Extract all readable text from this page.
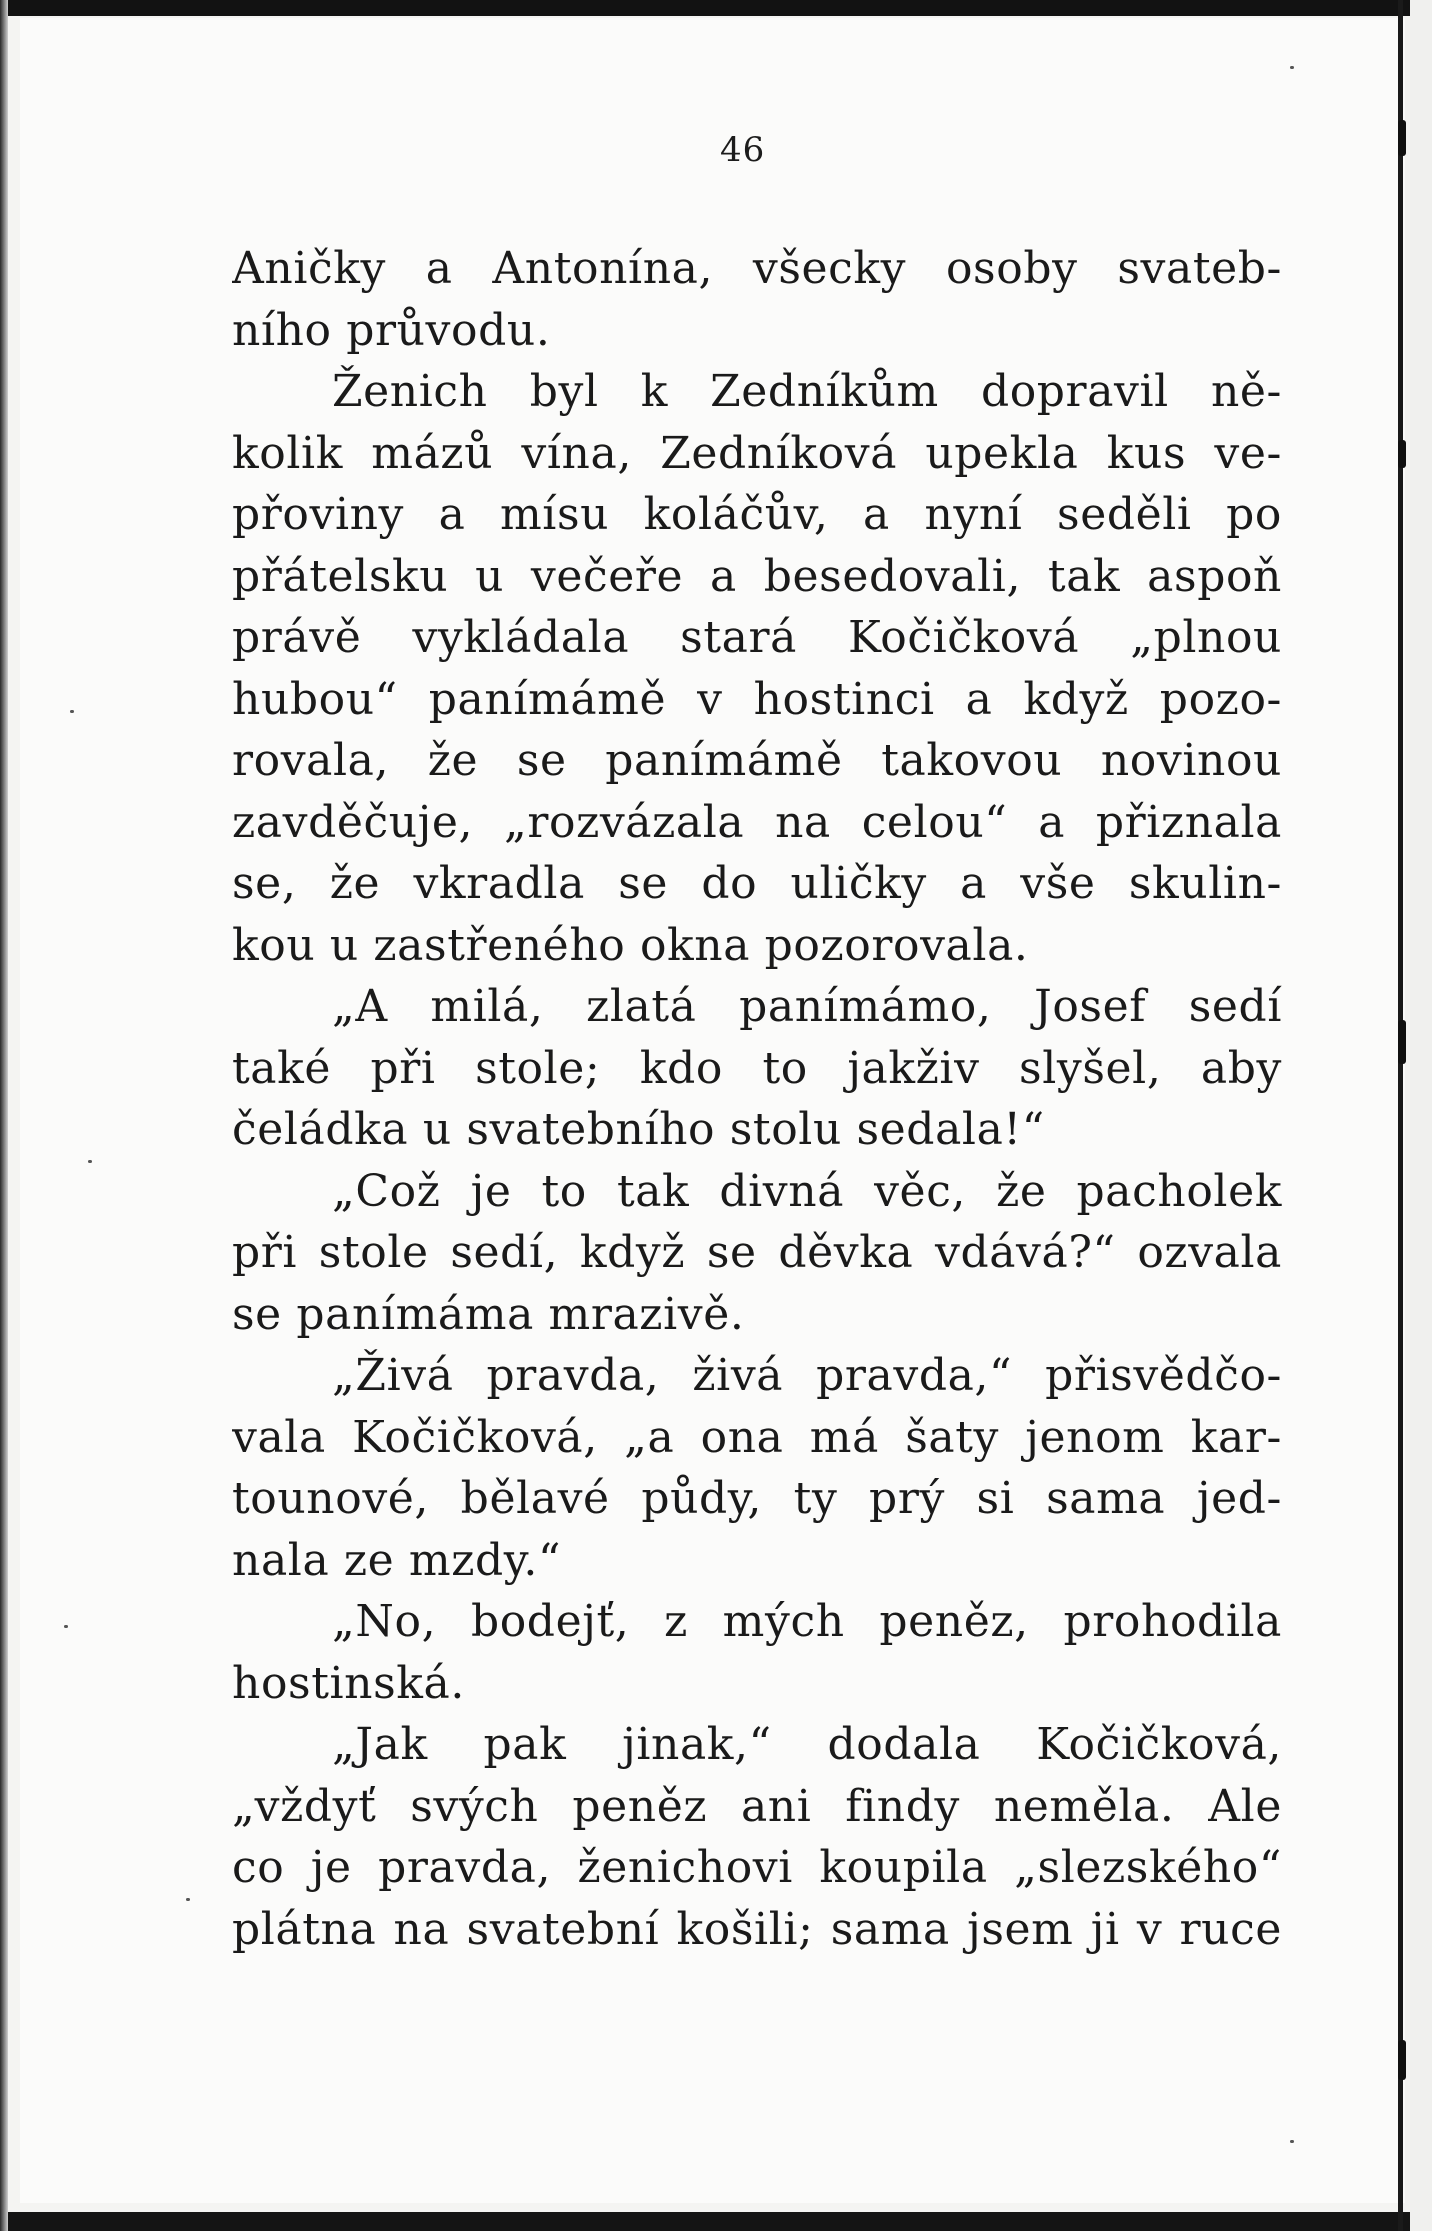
46
Aničky a Antonína, všecky osoby svateb-
ního průvodu.
Ženich byl k Zedníkům dopravil ně-
kolik mázů vína, Zedníková upekla kus ve-
přoviny a mísu koláčův, a nyní seděli po
přátelsku u večeře a besedovali, tak aspoň
právě vykládala stará Kočičková „plnou
hubou“ panímámě v hostinci a když pozo-
rovala, že se panímámě takovou novinou
zavděčuje, „rozvázala na celou“ a přiznala
se, že vkradla se do uličky a vše skulin-
kou u zastřeného okna pozorovala.
„A milá, zlatá panímámo, Josef sedí
také při stole; kdo to jakživ slyšel, aby
čeládka u svatebního stolu sedala!“
„Což je to tak divná věc, že pacholek
při stole sedí, když se děvka vdává?“ ozvala
se panímáma mrazivě.
„Živá pravda, živá pravda,“ přisvědčo-
vala Kočičková, „a ona má šaty jenom kar-
tounové, bělavé půdy, ty prý si sama jed-
nala ze mzdy.“
„No, bodejť, z mých peněz, prohodila
hostinská.
„Jak pak jinak,“ dodala Kočičková,
„vždyť svých peněz ani findy neměla. Ale
co je pravda, ženichovi koupila „slezského“
plátna na svatební košili; sama jsem ji v ruce
